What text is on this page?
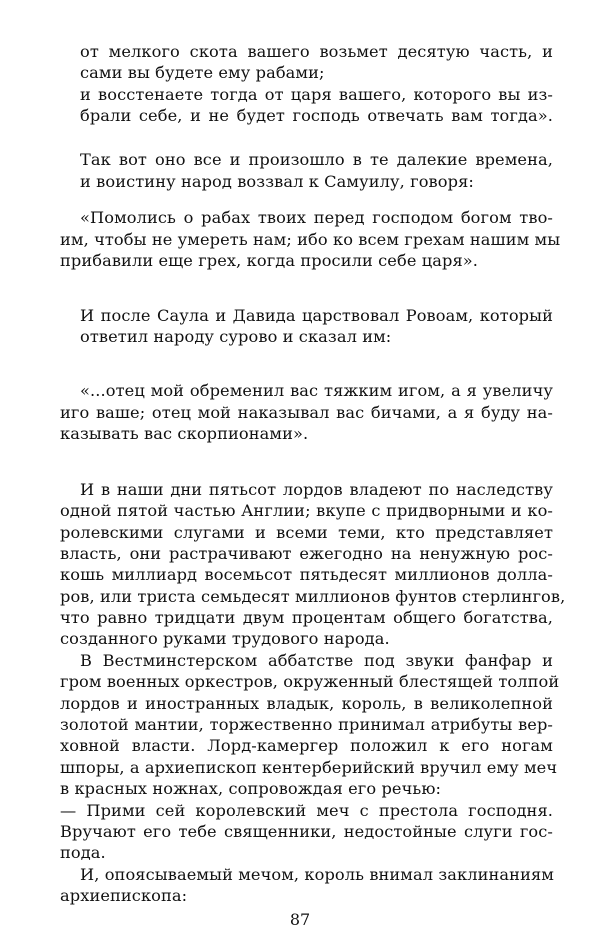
от мелкого скота вашего возьмет десятую часть, и
сами вы будете ему рабами;
и восстенаете тогда от царя вашего, которого вы из-
брали себе, и не будет господь отвечать вам тогда».
Так вот оно все и произошло в те далекие времена,
и воистину народ воззвал к Самуилу, говоря:
«Помолись о рабах твоих перед господом богом тво-
им, чтобы не умереть нам; ибо ко всем грехам нашим мы
прибавили еще грех, когда просили себе царя».
И после Саула и Давида царствовал Ровоам, который
ответил народу сурово и сказал им:
«...отец мой обременил вас тяжким игом, а я увеличу
иго ваше; отец мой наказывал вас бичами, а я буду на-
казывать вас скорпионами».
И в наши дни пятьсот лордов владеют по наследству
одной пятой частью Англии; вкупе с придворными и ко-
ролевскими слугами и всеми теми, кто представляет
власть, они растрачивают ежегодно на ненужную рос-
кошь миллиард восемьсот пятьдесят миллионов долла-
ров, или триста семьдесят миллионов фунтов стерлингов,
что равно тридцати двум процентам общего богатства,
созданного руками трудового народа.
В Вестминстерском аббатстве под звуки фанфар и
гром военных оркестров, окруженный блестящей толпой
лордов и иностранных владык, король, в великолепной
золотой мантии, торжественно принимал атрибуты вер-
ховной власти. Лорд-камергер положил к его ногам
шпоры, а архиепископ кентерберийский вручил ему меч
в красных ножнах, сопровождая его речью:
— Прими сей королевский меч с престола господня.
Вручают его тебе священники, недостойные слуги гос-
пода.
И, опоясываемый мечом, король внимал заклинаниям
архиепископа:
87
